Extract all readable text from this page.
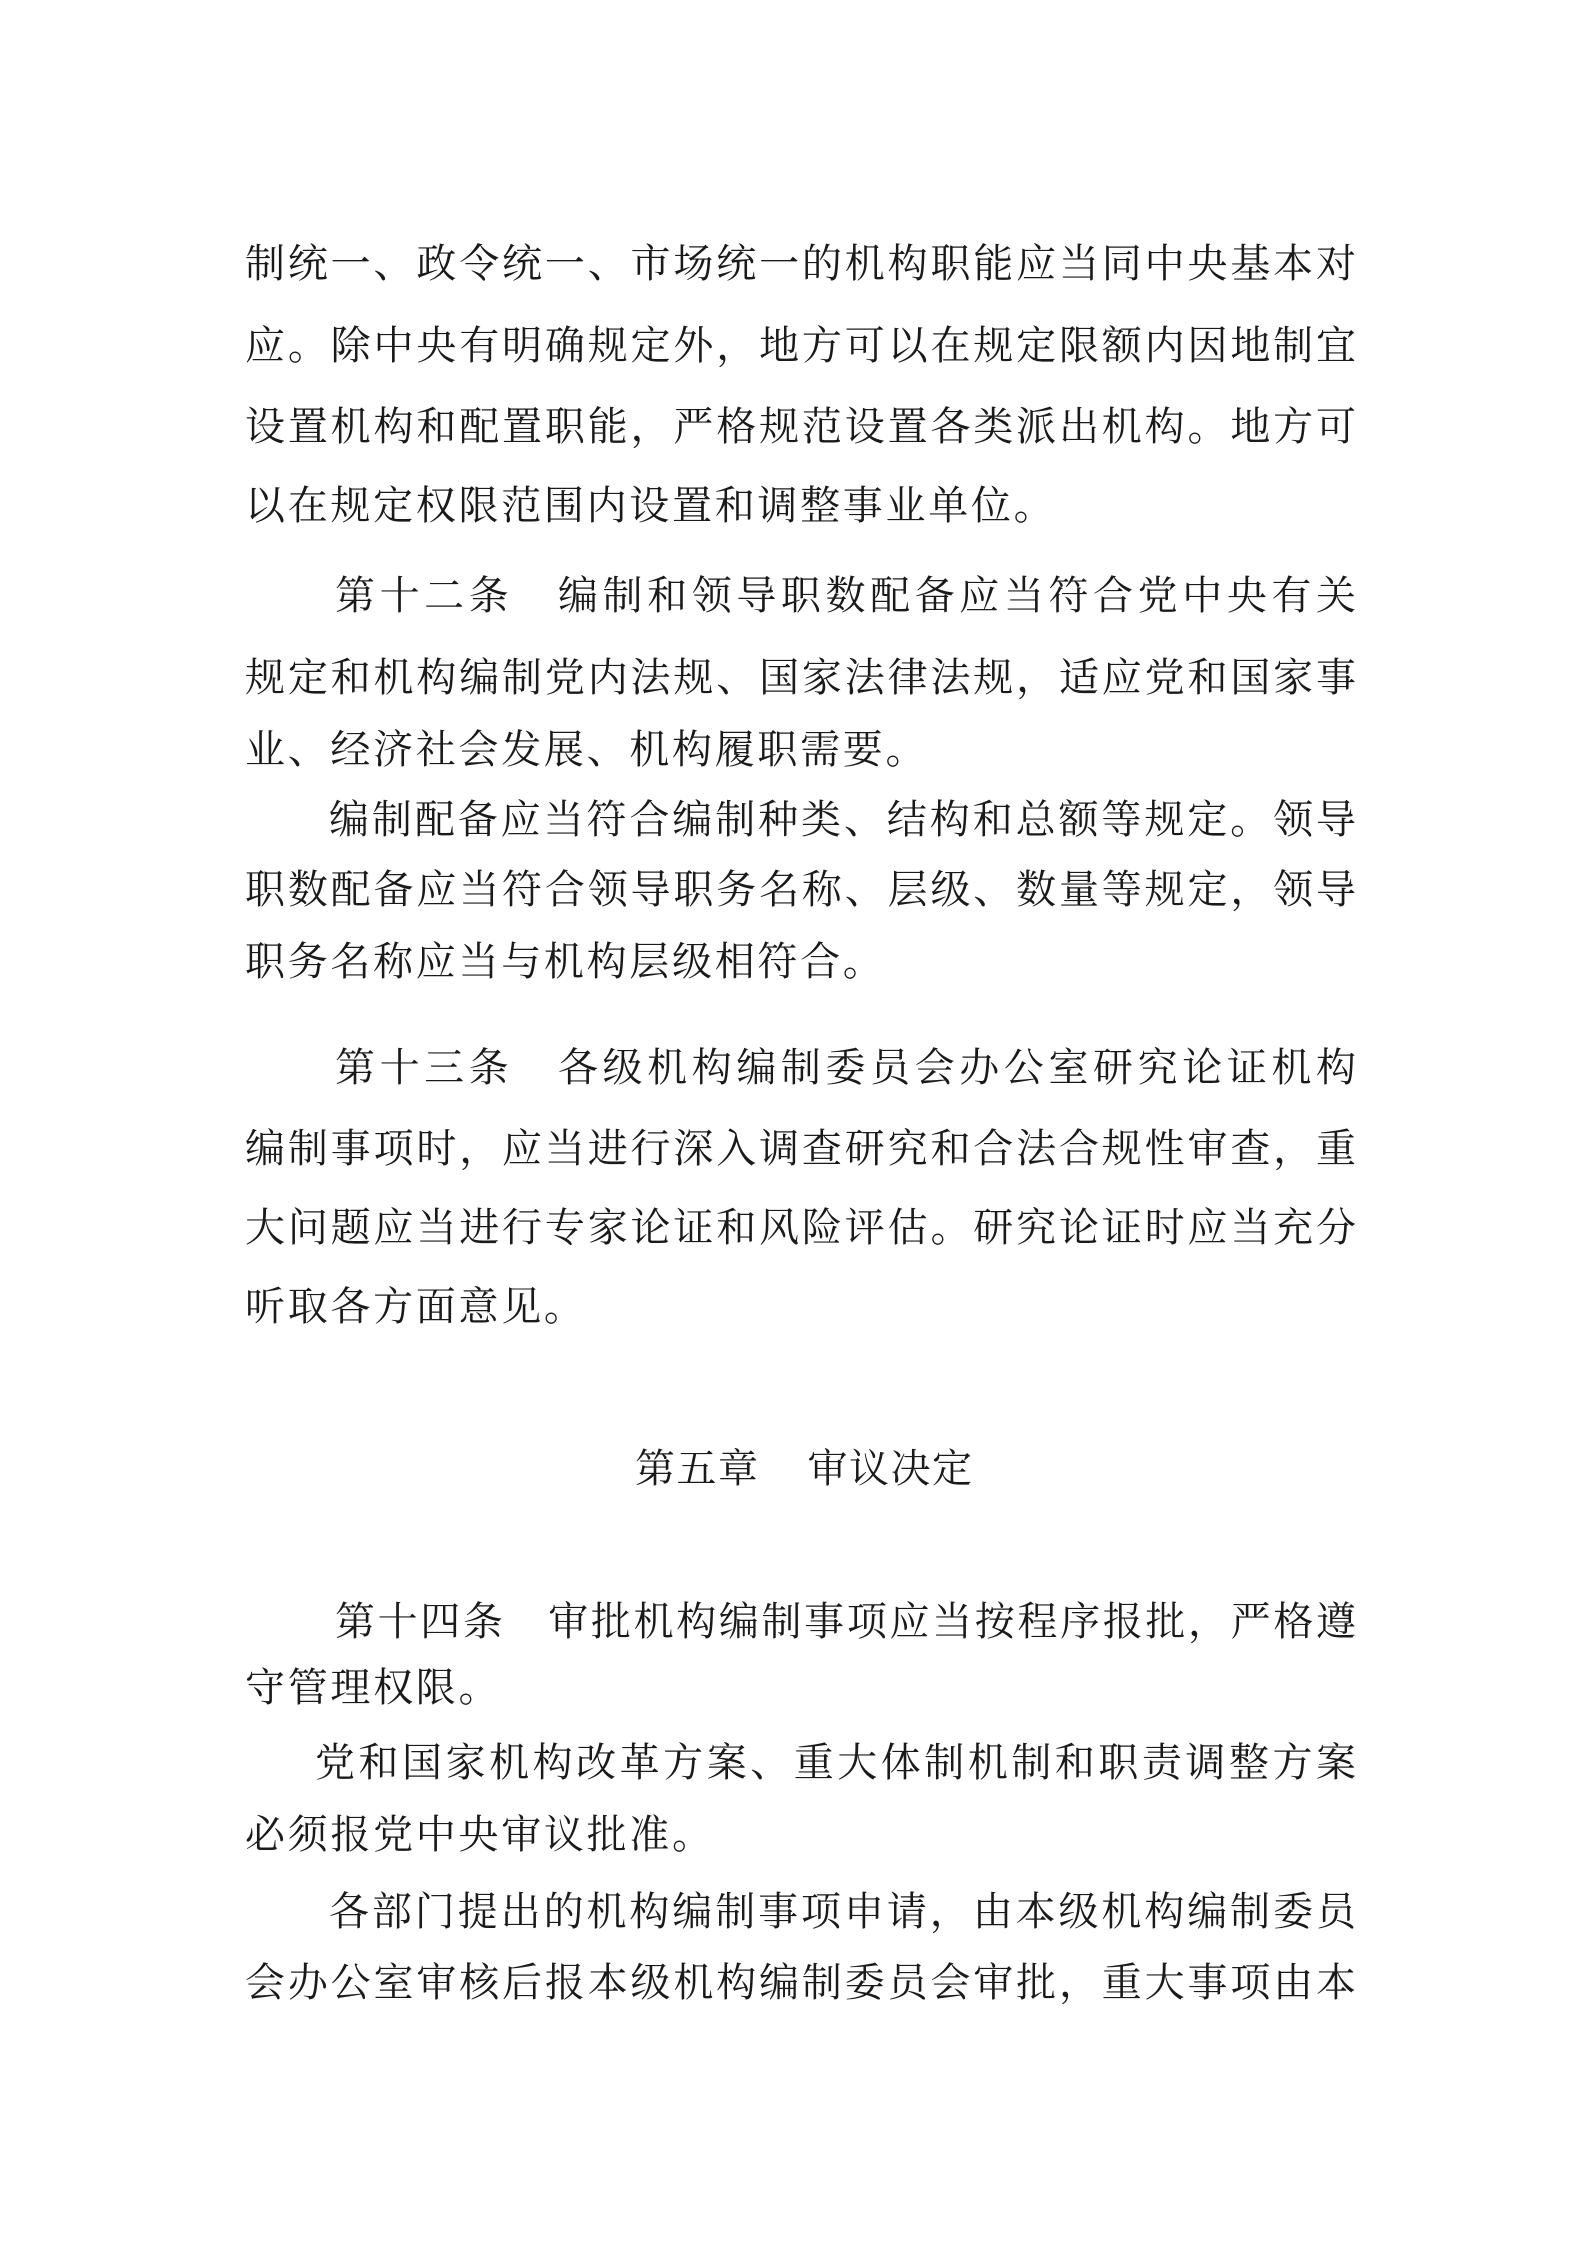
制统一、政令统一、市场统一的机构职能应当同中央基本对
应。除中央有明确规定外，地方可以在规定限额内因地制宜
设置机构和配置职能，严格规范设置各类派出机构。地方可
以在规定权限范围内设置和调整事业单位。
第十二条 编制和领导职数配备应当符合党中央有关
规定和机构编制党内法规、国家法律法规，适应党和国家事
业、经济社会发展、机构履职需要。
编制配备应当符合编制种类、结构和总额等规定。领导
职数配备应当符合领导职务名称、层级、数量等规定，领导
职务名称应当与机构层级相符合。
第十三条 各级机构编制委员会办公室研究论证机构
编制事项时，应当进行深入调查研究和合法合规性审查，重
大问题应当进行专家论证和风险评估。研究论证时应当充分
听取各方面意见。
第五章 审议决定
第十四条 审批机构编制事项应当按程序报批，严格遵
守管理权限。
党和国家机构改革方案、重大体制机制和职责调整方案
必须报党中央审议批准。
各部门提出的机构编制事项申请，由本级机构编制委员
会办公室审核后报本级机构编制委员会审批，重大事项由本
